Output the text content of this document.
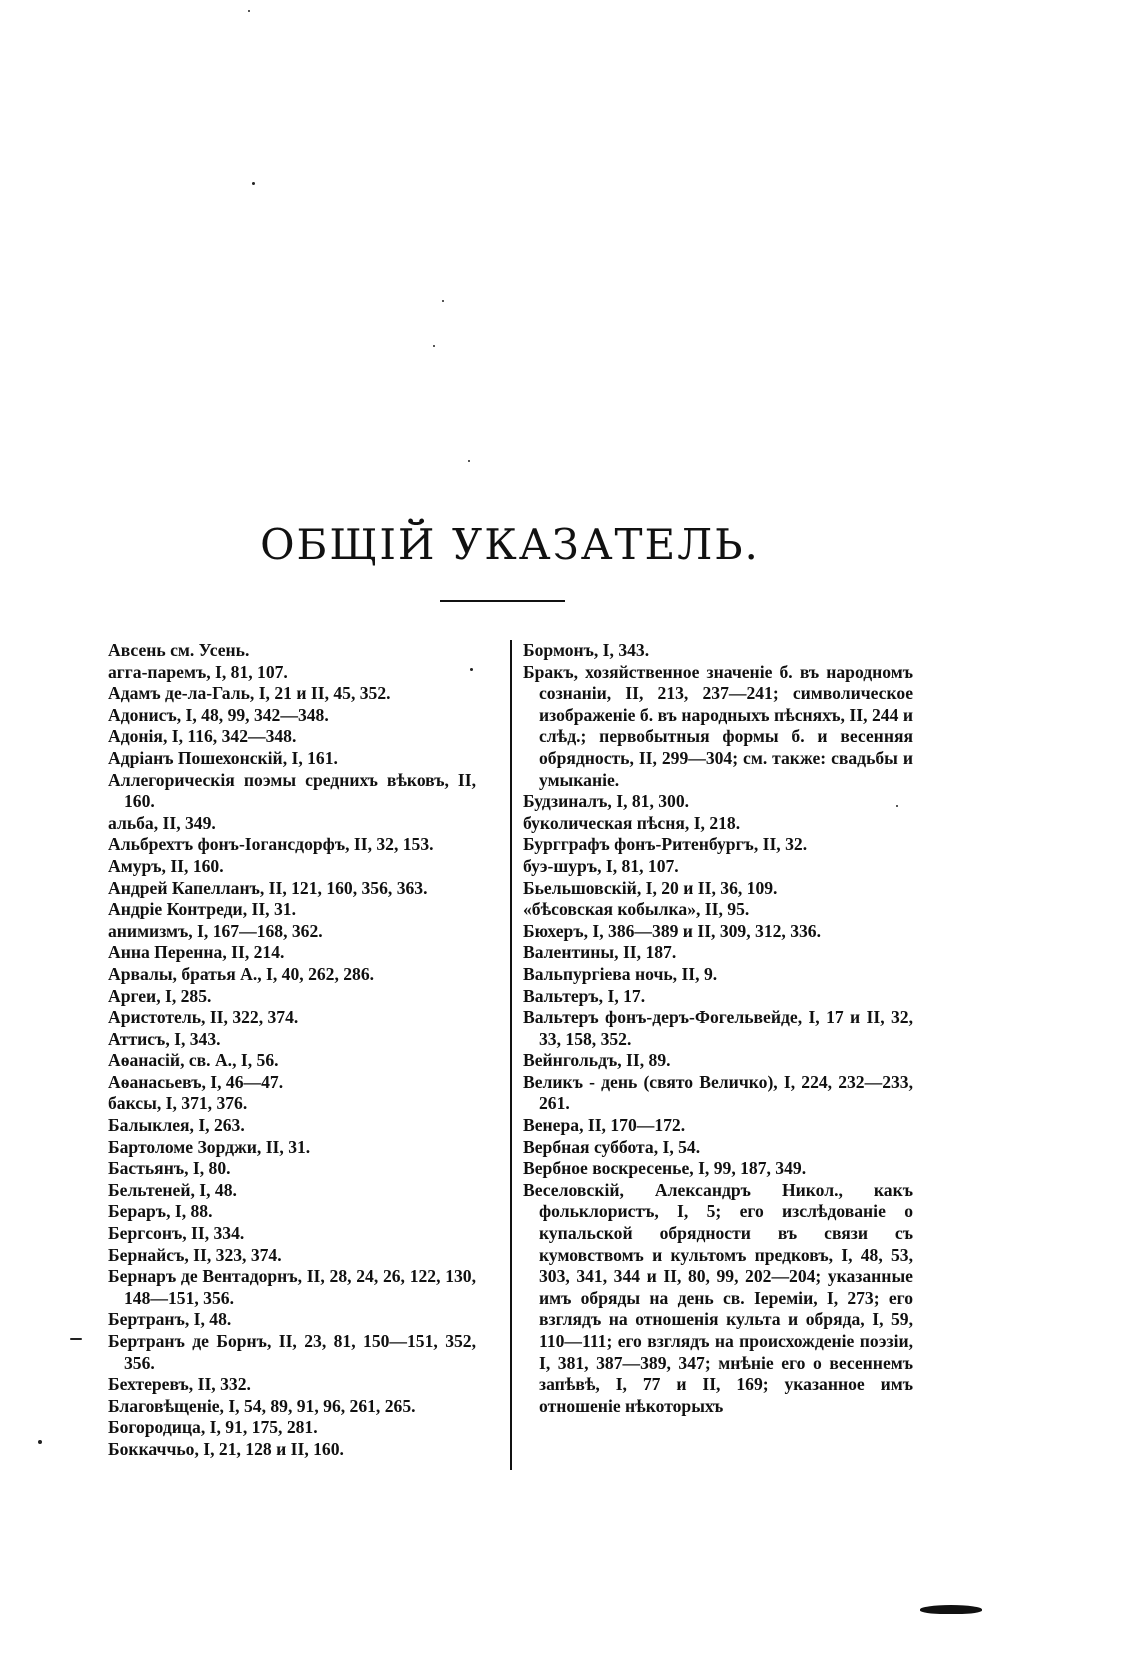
ОБЩІЙ УКАЗАТЕЛЬ.
Авсень см. Усень.
агга-паремъ, I, 81, 107.
Адамъ де-ла-Галь, I, 21 и II, 45, 352.
Адонисъ, I, 48, 99, 342—348.
Адонія, I, 116, 342—348.
Адріанъ Пошехонскій, I, 161.
Аллегорическія поэмы среднихъ вѣковъ, II, 160.
альба, II, 349.
Альбрехтъ фонъ-Іогансдорфъ, II, 32, 153.
Амуръ, II, 160.
Андрей Капелланъ, II, 121, 160, 356, 363.
Андріе Контреди, II, 31.
анимизмъ, I, 167—168, 362.
Анна Перенна, II, 214.
Арвалы, братья А., I, 40, 262, 286.
Аргеи, I, 285.
Аристотель, II, 322, 374.
Аттисъ, I, 343.
Аѳанасій, св. А., I, 56.
Аѳанасьевъ, I, 46—47.
баксы, I, 371, 376.
Балыклея, I, 263.
Бартоломе Зорджи, II, 31.
Бастьянъ, I, 80.
Бельтеней, I, 48.
Бераръ, I, 88.
Бергсонъ, II, 334.
Бернайсъ, II, 323, 374.
Бернаръ де Вентадорнъ, II, 28, 24, 26, 122, 130, 148—151, 356.
Бертранъ, I, 48.
Бертранъ де Борнъ, II, 23, 81, 150—151, 352, 356.
Бехтеревъ, II, 332.
Благовѣщеніе, I, 54, 89, 91, 96, 261, 265.
Богородица, I, 91, 175, 281.
Боккаччьо, I, 21, 128 и II, 160.
Бормонъ, I, 343.
Бракъ, хозяйственное значеніе б. въ народномъ сознаніи, II, 213, 237—241; символическое изображеніе б. въ народныхъ пѣсняхъ, II, 244 и слѣд.; первобытныя формы б. и весенняя обрядность, II, 299—304; см. также: свадьбы и умыканіе.
Будзиналъ, I, 81, 300.
буколическая пѣсня, I, 218.
Бургграфъ фонъ-Ритенбургъ, II, 32.
буэ-шуръ, I, 81, 107.
Бьельшовскій, I, 20 и II, 36, 109.
«бѣсовская кобылка», II, 95.
Бюхеръ, I, 386—389 и II, 309, 312, 336.
Валентины, II, 187.
Вальпургіева ночь, II, 9.
Вальтеръ, I, 17.
Вальтеръ фонъ-деръ-Фогельвейде, I, 17 и II, 32, 33, 158, 352.
Вейнгольдъ, II, 89.
Великъ - день (свято Величко), I, 224, 232—233, 261.
Венера, II, 170—172.
Вербная суббота, I, 54.
Вербное воскресенье, I, 99, 187, 349.
Веселовскій, Александръ Никол., какъ фольклористъ, I, 5; его изслѣдованіе о купальской обрядности въ связи съ кумовствомъ и культомъ предковъ, I, 48, 53, 303, 341, 344 и II, 80, 99, 202—204; указанные имъ обряды на день св. Іереміи, I, 273; его взглядъ на отношенія культа и обряда, I, 59, 110—111; его взглядъ на происхожденіе поэзіи, I, 381, 387—389, 347; мнѣніе его о весеннемъ запѣвѣ, I, 77 и II, 169; указанное имъ отношеніе нѣкоторыхъ
